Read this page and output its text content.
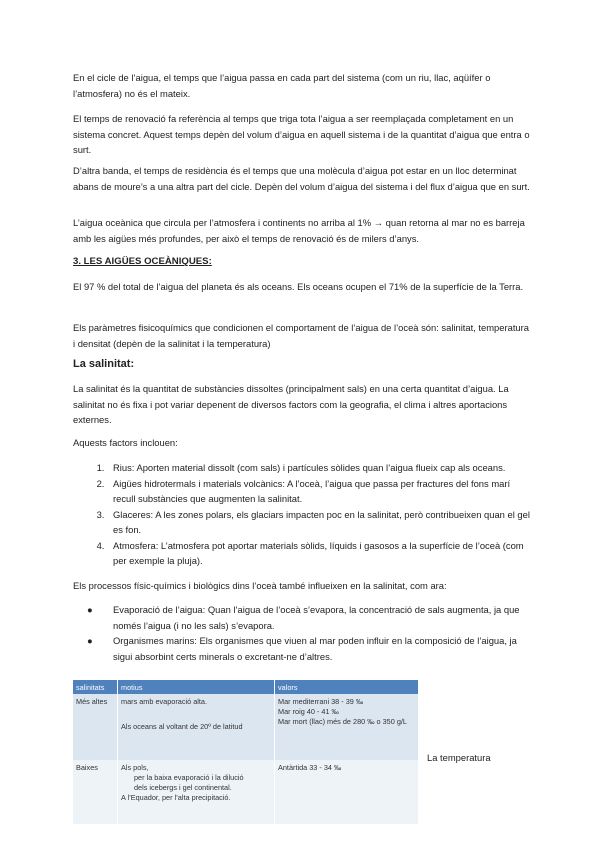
En el cicle de l’aigua, el temps que l’aigua passa en cada part del sistema (com un riu, llac, aqüífer o l’atmosfera) no és el mateix.

El temps de renovació fa referència al temps que triga tota l’aigua a ser reemplaçada completament en un sistema concret. Aquest temps depèn del volum d’aigua en aquell sistema i de la quantitat d’aigua que entra o surt.

D’altra banda, el temps de residència és el temps que una molècula d’aigua pot estar en un lloc determinat abans de moure’s a una altra part del cicle. Depèn del volum d’aigua del sistema i del flux d’aigua que en surt.

L’aigua oceànica que circula per l’atmosfera i continents no arriba al 1% → quan retorna al mar no es barreja amb les aigües més profundes, per això el temps de renovació és de milers d’anys.

3. LES AIGÜES OCEÀNIQUES:

El 97 % del total de l’aigua del planeta és als oceans. Els oceans ocupen el 71% de la superfície de la Terra.

Els paràmetres fisicoquímics que condicionen el comportament de l’aigua de l’oceà són: salinitat, temperatura i densitat (depèn de la salinitat i la temperatura)

La salinitat:

La salinitat és la quantitat de substàncies dissoltes (principalment sals) en una certa quantitat d’aigua. La salinitat no és fixa i pot variar depenent de diversos factors com la geografia, el clima i altres aportacions externes.

Aquests factors inclouen:

1. Rius: Aporten material dissolt (com sals) i partícules sòlides quan l’aigua flueix cap als oceans.
2. Aigües hidrotermals i materials volcànics: A l’oceà, l’aigua que passa per fractures del fons marí recull substàncies que augmenten la salinitat.
3. Glaceres: A les zones polars, els glaciars impacten poc en la salinitat, però contribueixen quan el gel es fon.
4. Atmosfera: L’atmosfera pot aportar materials sòlids, líquids i gasosos a la superfície de l’oceà (com per exemple la pluja).

Els processos físic-químics i biològics dins l’oceà també influeixen en la salinitat, com ara:

● Evaporació de l’aigua: Quan l’aigua de l’oceà s’evapora, la concentració de sals augmenta, ja que només l’aigua (i no les sals) s’evapora.
● Organismes marins: Els organismes que viuen al mar poden influir en la composició de l’aigua, ja sigui absorbint certs minerals o excretant-ne d’altres.
salinitats	motius	valors
Més altes	mars amb evaporació alta.
Als oceans al voltant de 20º de latitud	Mar mediterrani 38 - 39 ‰
Mar roig 40 - 41 ‰
Mar mort (llac) més de 280 ‰ o 350 g/L

Baixes	Als pols,
per la baixa evaporació i la dilució
dels icebergs i gel continental.
A l’Equador, per l’alta precipitació.	Antàrtida 33 - 34 ‰
La temperatura
